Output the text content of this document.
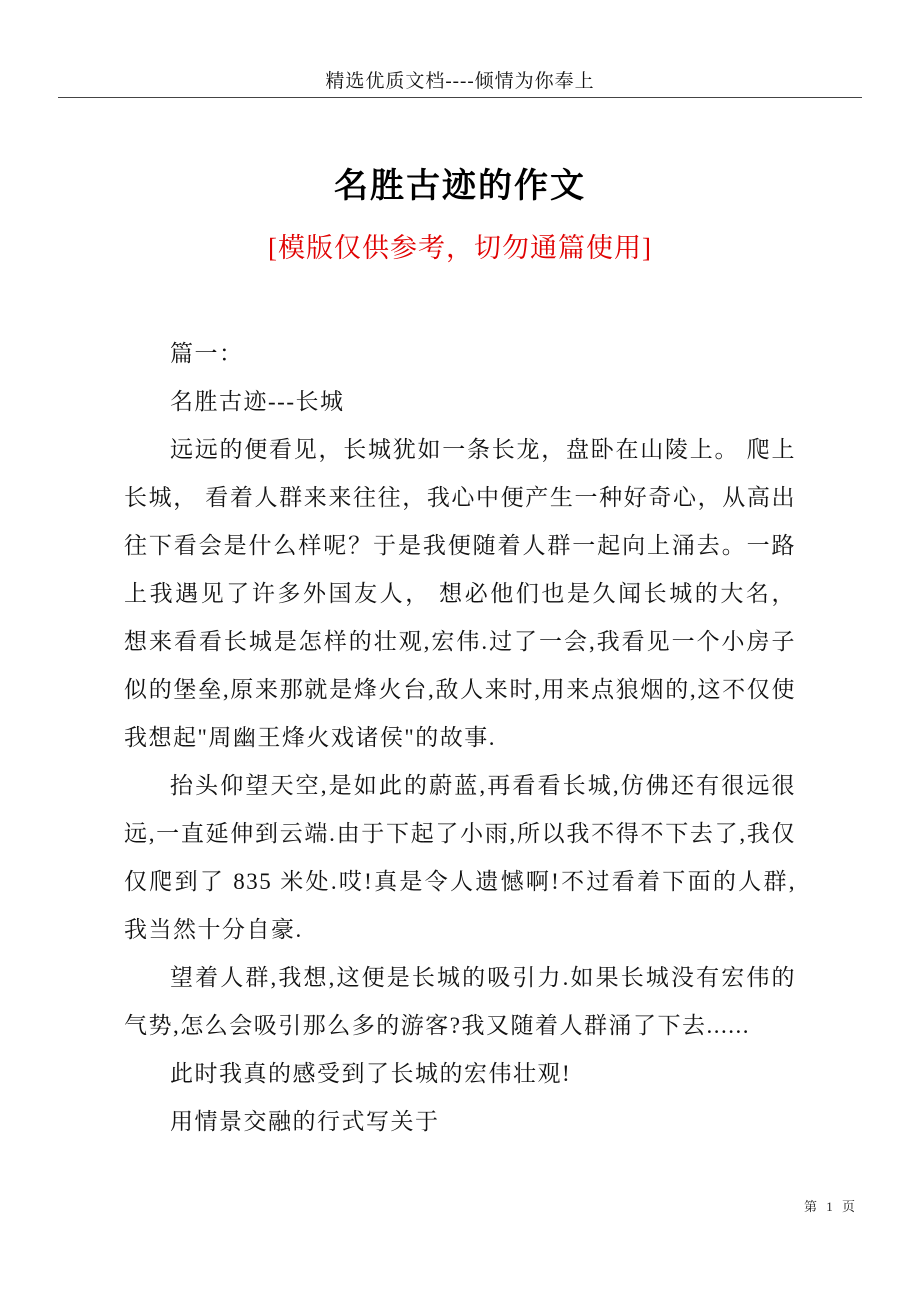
精选优质文档----倾情为你奉上
名胜古迹的作文
[模版仅供参考，切勿通篇使用]

篇一：

名胜古迹---长城

远远的便看见，长城犹如一条长龙，盘卧在山陵上。 爬上长城， 看着人群来来往往，我心中便产生一种好奇心，从高出往下看会是什么样呢？于是我便随着人群一起向上涌去。一路上我遇见了许多外国友人， 想必他们也是久闻长城的大名， 想来看看长城是怎样的壮观,宏伟.过了一会,我看见一个小房子似的堡垒,原来那就是烽火台,敌人来时,用来点狼烟的,这不仅使我想起"周幽王烽火戏诸侯"的故事.

抬头仰望天空,是如此的蔚蓝,再看看长城,仿佛还有很远很远,一直延伸到云端.由于下起了小雨,所以我不得不下去了,我仅仅爬到了 835 米处.哎!真是令人遗憾啊!不过看着下面的人群,我当然十分自豪.

望着人群,我想,这便是长城的吸引力.如果长城没有宏伟的气势,怎么会吸引那么多的游客?我又随着人群涌了下去......

此时我真的感受到了长城的宏伟壮观!

用情景交融的行式写关于

第 1 页
